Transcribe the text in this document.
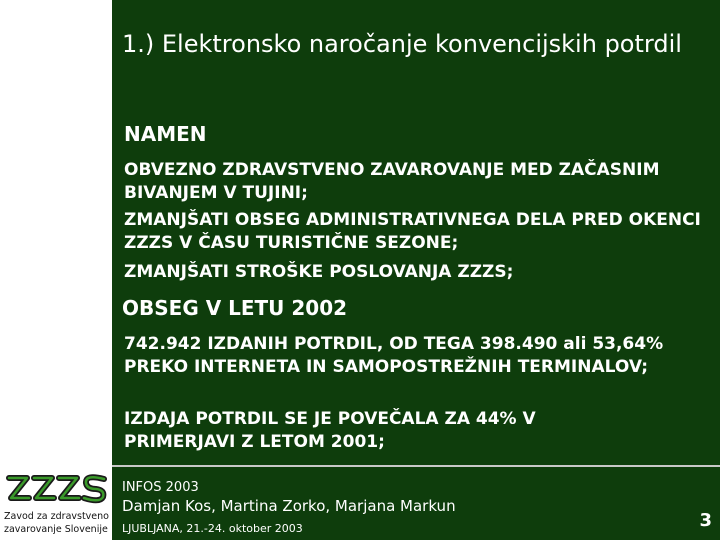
1.) Elektronsko naročanje konvencijskih potrdil
NAMEN
OBVEZNO ZDRAVSTVENO ZAVAROVANJE MED ZAČASNIM BIVANJEM V TUJINI;
ZMANJŠATI OBSEG ADMINISTRATIVNEGA DELA PRED OKENCI ZZZS V ČASU TURISTIČNE SEZONE;
ZMANJŠATI STROŠKE POSLOVANJA ZZZS;
OBSEG V LETU 2002
742.942 IZDANIH POTRDIL, OD TEGA 398.490 ali 53,64% PREKO INTERNETA IN SAMOPOSTREŽNIH TERMINALOV;
IZDAJA POTRDIL SE JE POVEČALA ZA 44% V PRIMERJAVI Z LETOM 2001;
INFOS 2003
Damjan Kos, Martina Zorko, Marjana Markun
LJUBLJANA, 21.-24. oktober 2003	3
Zavod za zdravstveno
zavarovanje Slovenije
